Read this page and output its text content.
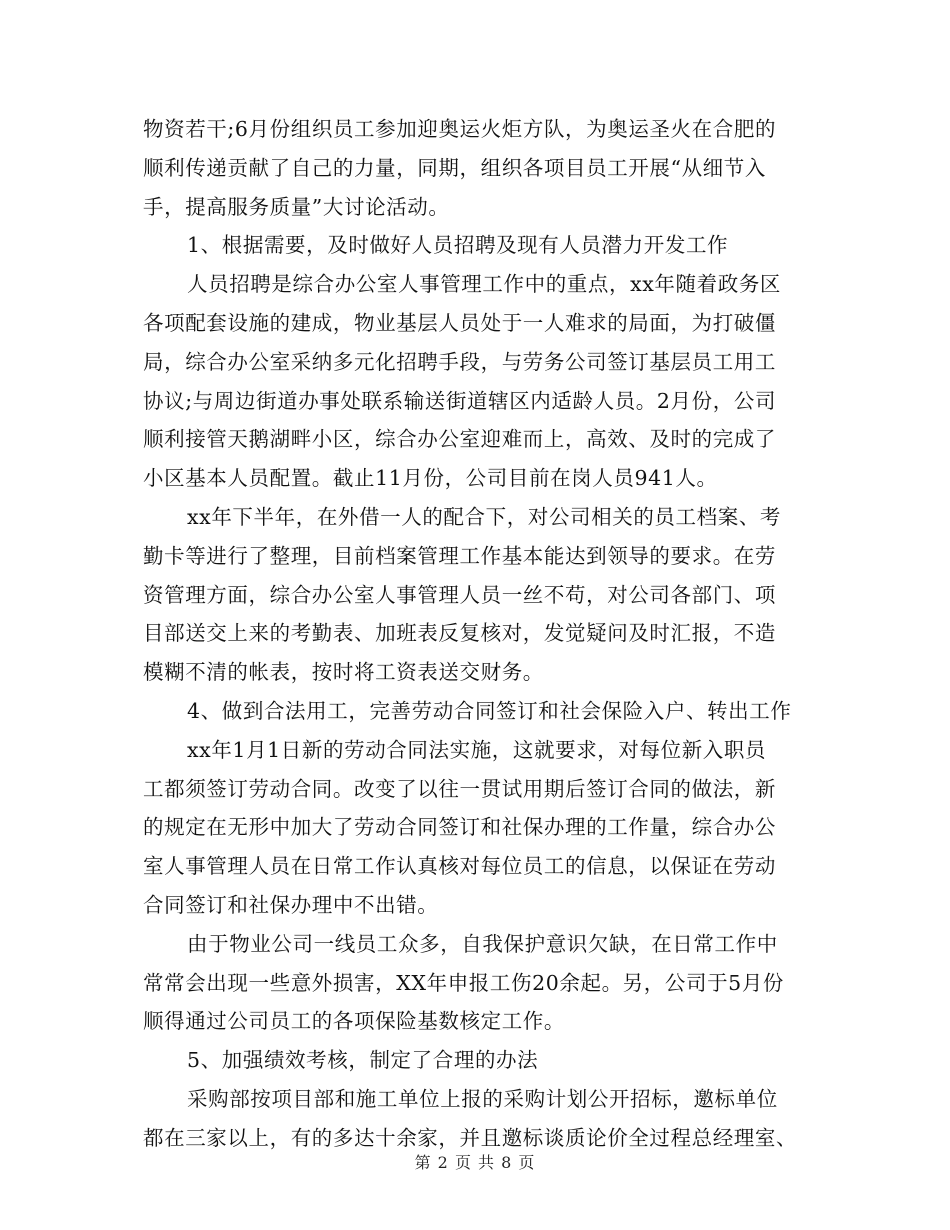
物资若干;6月份组织员工参加迎奥运火炬方队，为奥运圣火在合肥的
顺利传递贡献了自己的力量，同期，组织各项目员工开展“从细节入
手，提高服务质量”大讨论活动。
1、根据需要，及时做好人员招聘及现有人员潜力开发工作
人员招聘是综合办公室人事管理工作中的重点，xx年随着政务区
各项配套设施的建成，物业基层人员处于一人难求的局面，为打破僵
局，综合办公室采纳多元化招聘手段，与劳务公司签订基层员工用工
协议;与周边街道办事处联系输送街道辖区内适龄人员。2月份，公司
顺利接管天鹅湖畔小区，综合办公室迎难而上，高效、及时的完成了
小区基本人员配置。截止11月份，公司目前在岗人员941人。
xx年下半年，在外借一人的配合下，对公司相关的员工档案、考
勤卡等进行了整理，目前档案管理工作基本能达到领导的要求。在劳
资管理方面，综合办公室人事管理人员一丝不苟，对公司各部门、项
目部送交上来的考勤表、加班表反复核对，发觉疑问及时汇报，不造
模糊不清的帐表，按时将工资表送交财务。
4、做到合法用工，完善劳动合同签订和社会保险入户、转出工作
xx年1月1日新的劳动合同法实施，这就要求，对每位新入职员
工都须签订劳动合同。改变了以往一贯试用期后签订合同的做法，新
的规定在无形中加大了劳动合同签订和社保办理的工作量，综合办公
室人事管理人员在日常工作认真核对每位员工的信息，以保证在劳动
合同签订和社保办理中不出错。
由于物业公司一线员工众多，自我保护意识欠缺，在日常工作中
常常会出现一些意外损害，XX年申报工伤20余起。另，公司于5月份
顺得通过公司员工的各项保险基数核定工作。
5、加强绩效考核，制定了合理的办法
采购部按项目部和施工单位上报的采购计划公开招标，邀标单位
都在三家以上，有的多达十余家，并且邀标谈质论价全过程总经理室、
第 2 页 共 8 页
